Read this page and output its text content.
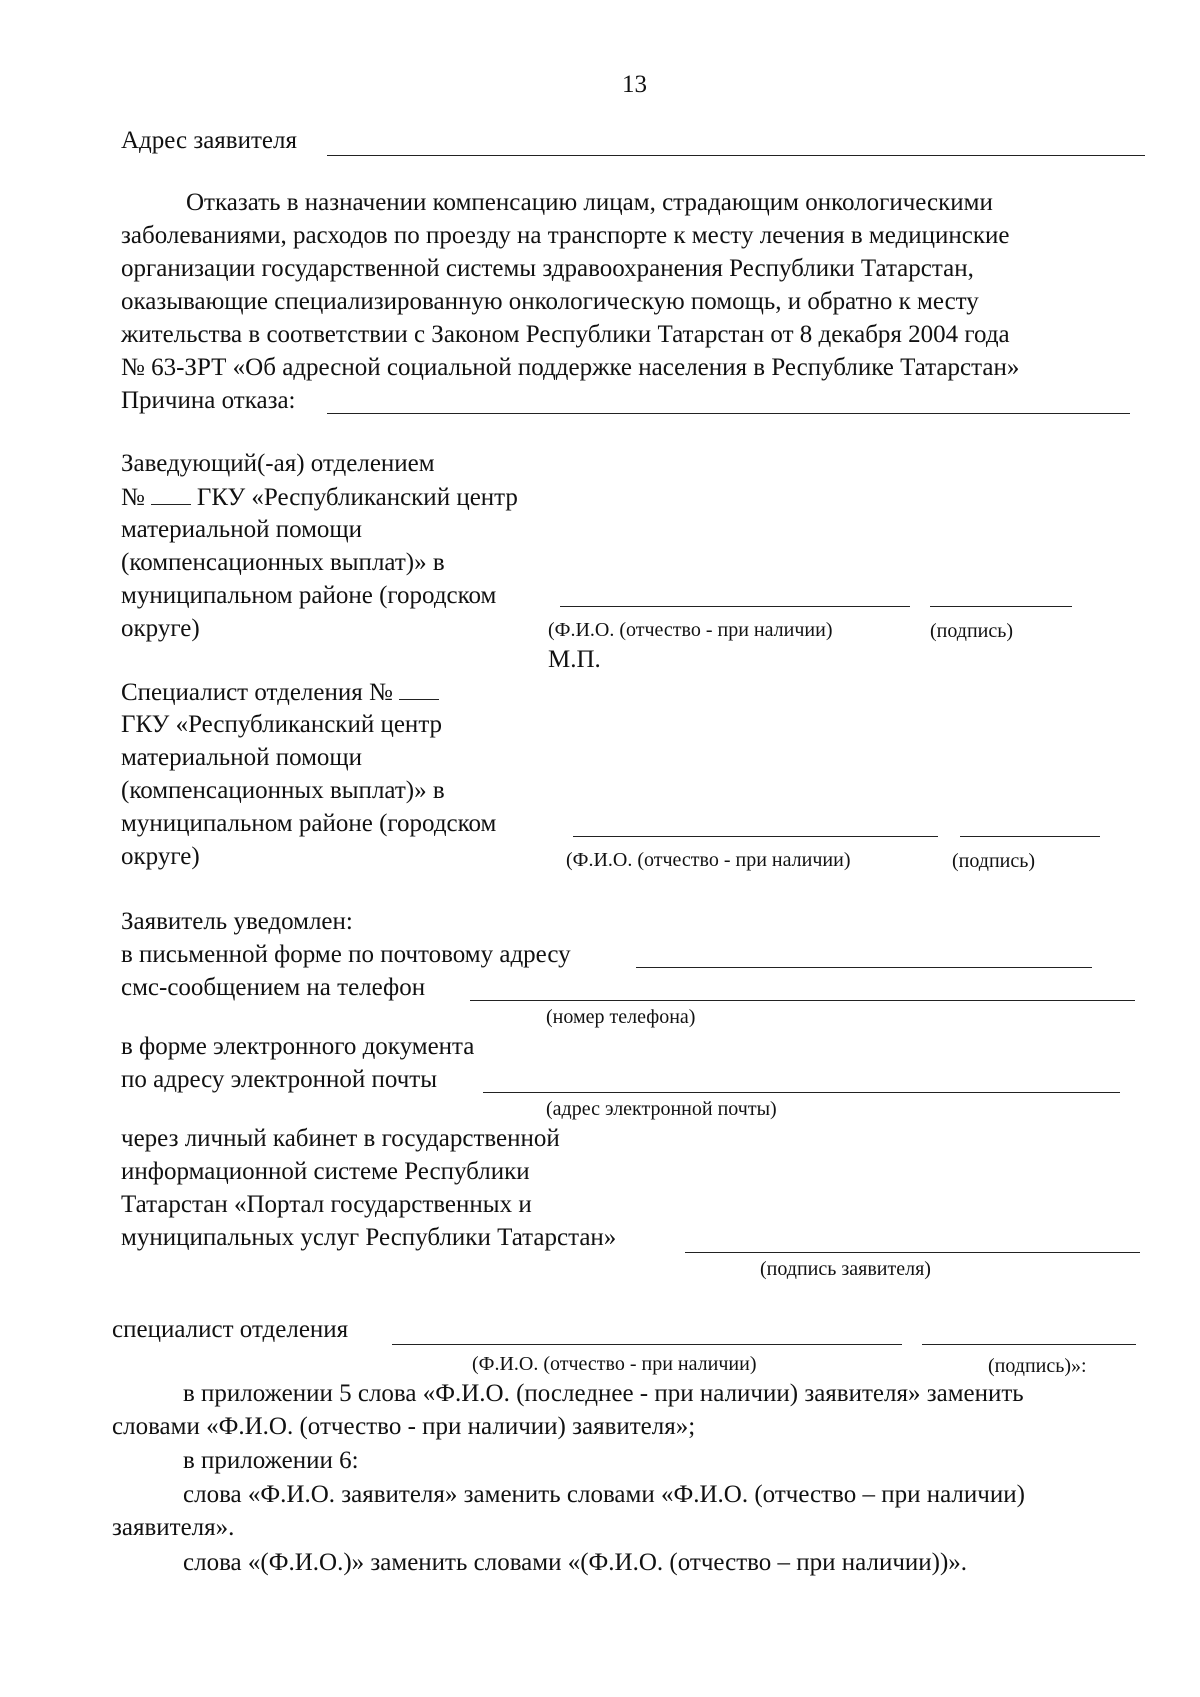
13
Адрес заявителя
Отказать в назначении компенсацию лицам, страдающим онкологическими
заболеваниями, расходов по проезду на транспорте к месту лечения в медицинские
организации государственной системы здравоохранения Республики Татарстан,
оказывающие специализированную онкологическую помощь, и обратно к месту
жительства в соответствии с Законом Республики Татарстан от 8 декабря 2004 года
№ 63-ЗРТ «Об адресной социальной поддержке населения в Республике Татарстан»
Причина отказа:
Заведующий(-ая) отделением
№ ГКУ «Республиканский центр
материальной помощи
(компенсационных выплат)» в
муниципальном районе (городском
округе)	(Ф.И.О. (отчество - при наличии)	(подпись)
М.П.
Специалист отделения №
ГКУ «Республиканский центр
материальной помощи
(компенсационных выплат)» в
муниципальном районе (городском
округе)	(Ф.И.О. (отчество - при наличии)	(подпись)
Заявитель уведомлен:
в письменной форме по почтовому адресу
смс-сообщением на телефон
(номер телефона)
в форме электронного документа
по адресу электронной почты
(адрес электронной почты)
через личный кабинет в государственной
информационной системе Республики
Татарстан «Портал государственных и
муниципальных услуг Республики Татарстан»
(подпись заявителя)
специалист отделения
(Ф.И.О. (отчество - при наличии)	(подпись)»:
в приложении 5 слова «Ф.И.О. (последнее - при наличии) заявителя» заменить
словами «Ф.И.О. (отчество - при наличии) заявителя»;
в приложении 6:
слова «Ф.И.О. заявителя» заменить словами «Ф.И.О. (отчество – при наличии)
заявителя».
слова «(Ф.И.О.)» заменить словами «(Ф.И.О. (отчество – при наличии))».
